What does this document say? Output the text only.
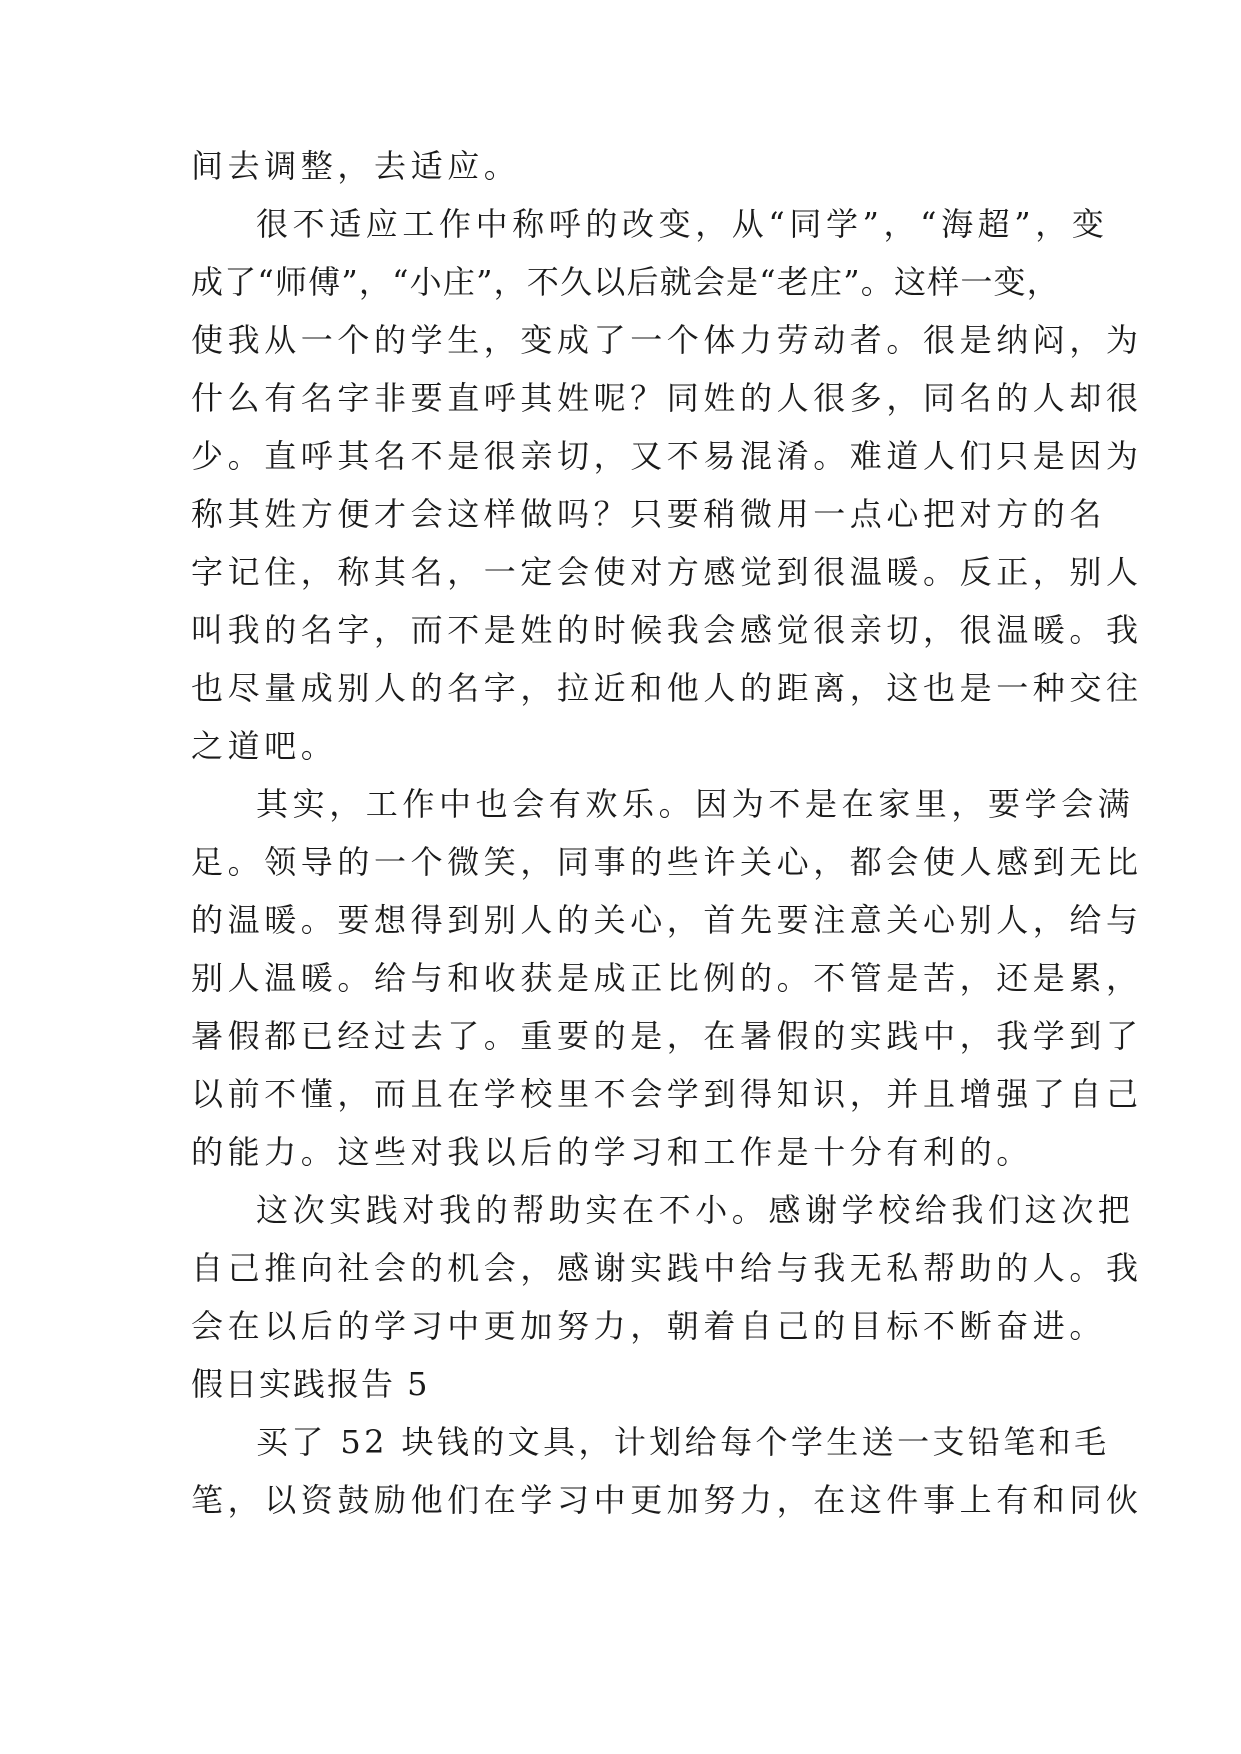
间去调整，去适应。
很不适应工作中称呼的改变，从“同学”，“海超”，变
成了“师傅”，“小庄”，不久以后就会是“老庄”。这样一变，
使我从一个的学生，变成了一个体力劳动者。很是纳闷，为
什么有名字非要直呼其姓呢？同姓的人很多，同名的人却很
少。直呼其名不是很亲切，又不易混淆。难道人们只是因为
称其姓方便才会这样做吗？只要稍微用一点心把对方的名
字记住，称其名，一定会使对方感觉到很温暖。反正，别人
叫我的名字，而不是姓的时候我会感觉很亲切，很温暖。我
也尽量成别人的名字，拉近和他人的距离，这也是一种交往
之道吧。
其实，工作中也会有欢乐。因为不是在家里，要学会满
足。领导的一个微笑，同事的些许关心，都会使人感到无比
的温暖。要想得到别人的关心，首先要注意关心别人，给与
别人温暖。给与和收获是成正比例的。不管是苦，还是累，
暑假都已经过去了。重要的是，在暑假的实践中，我学到了
以前不懂，而且在学校里不会学到得知识，并且增强了自己
的能力。这些对我以后的学习和工作是十分有利的。
这次实践对我的帮助实在不小。感谢学校给我们这次把
自己推向社会的机会，感谢实践中给与我无私帮助的人。我
会在以后的学习中更加努力，朝着自己的目标不断奋进。
假日实践报告 5
买了 52 块钱的文具，计划给每个学生送一支铅笔和毛
笔，以资鼓励他们在学习中更加努力，在这件事上有和同伙
